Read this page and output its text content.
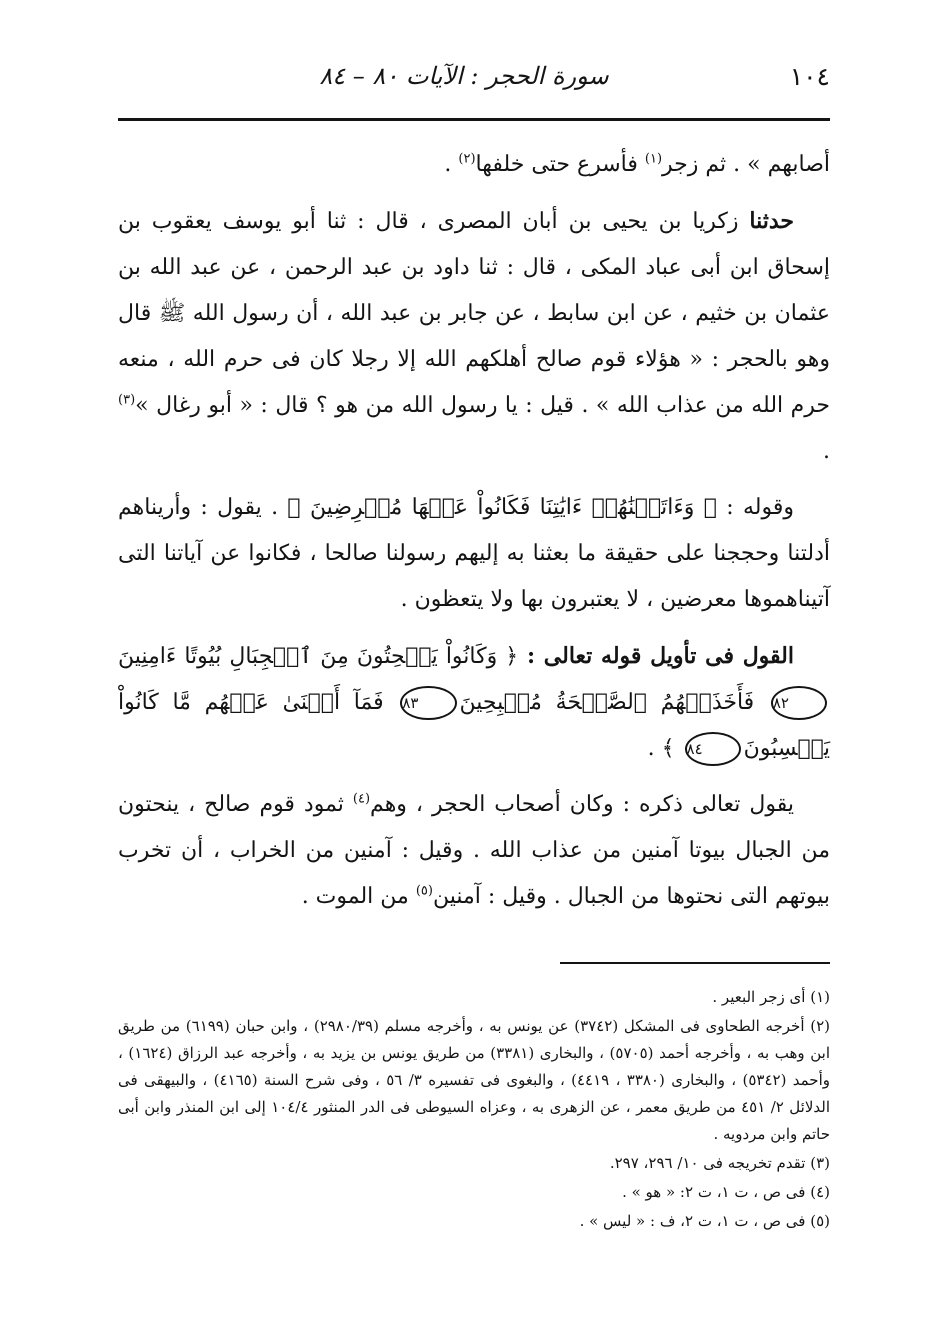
١٠٤
سورة الحجر : الآيات ٨٠ – ٨٤

أصابهم » . ثم زجر$^{(١)}$ فأسرع حتى خلفها$^{(٢)}$ .

حدثنا زكريا بن يحيى بن أبان المصرى ، قال : ثنا أبو يوسف يعقوب بن إسحاق ابن أبى عباد المكى ، قال : ثنا داود بن عبد الرحمن ، عن عبد الله بن عثمان بن خثيم ، عن ابن سابط ، عن جابر بن عبد الله ، أن رسول الله ﷺ قال وهو بالحجر : « هؤلاء قوم صالح أهلكهم الله إلا رجلا كان فى حرم الله ، منعه حرم الله من عذاب الله » . قيل : يا رسول الله من هو ؟ قال : « أبو رغال »$^{(٣)}$ .

وقوله : ﴿ وَءَاتَيۡنَٰهُمۡ ءَايَٰتِنَا فَكَانُواْ عَنۡهَا مُعۡرِضِينَ ﴾ . يقول : وأريناهم أدلتنا وحججنا على حقيقة ما بعثنا به إليهم رسولنا صالحا ، فكانوا عن آياتنا التى آتيناهموها معرضين ، لا يعتبرون بها ولا يتعظون .

القول فى تأويل قوله تعالى : ﴿ وَكَانُواْ يَنۡحِتُونَ مِنَ ٱلۡجِبَالِ بُيُوتًا ءَامِنِينَ٨٢ فَأَخَذَتۡهُمُ ٱلصَّيۡحَةُ مُصۡبِحِينَ٨٣ فَمَآ أَغۡنَىٰ عَنۡهُم مَّا كَانُواْ يَكۡسِبُونَ٨٤ ﴾ .

يقول تعالى ذكره : وكان أصحاب الحجر ، وهم$^{(٤)}$ ثمود قوم صالح ، ينحتون من الجبال بيوتا آمنين من عذاب الله . وقيل : آمنين من الخراب ، أن تخرب بيوتهم التى نحتوها من الجبال . وقيل : آمنين$^{(٥)}$ من الموت .

(١) أى زجر البعير .

(٢) أخرجه الطحاوى فى المشكل (٣٧٤٢) عن يونس به ، وأخرجه مسلم (٢٩٨٠/٣٩) ، وابن حبان (٦١٩٩) من طريق ابن وهب به ، وأخرجه أحمد (٥٧٠٥) ، والبخارى (٣٣٨١) من طريق يونس بن يزيد به ، وأخرجه عبد الرزاق (١٦٢٤) ، وأحمد (٥٣٤٢) ، والبخارى (٣٣٨٠ ، ٤٤١٩) ، والبغوى فى تفسيره ٣/ ٥٦ ، وفى شرح السنة (٤١٦٥) ، والبيهقى فى الدلائل ٢/ ٤٥١ من طريق معمر ، عن الزهرى به ، وعزاه السيوطى فى الدر المنثور ١٠٤/٤ إلى ابن المنذر وابن أبى حاتم وابن مردويه .

(٣) تقدم تخريجه فى ١٠/ ٢٩٦، ٢٩٧.

(٤) فى ص ، ت ١، ت ٢: « هو » .

(٥) فى ص ، ت ١، ت ٢، ف : « ليس » .
